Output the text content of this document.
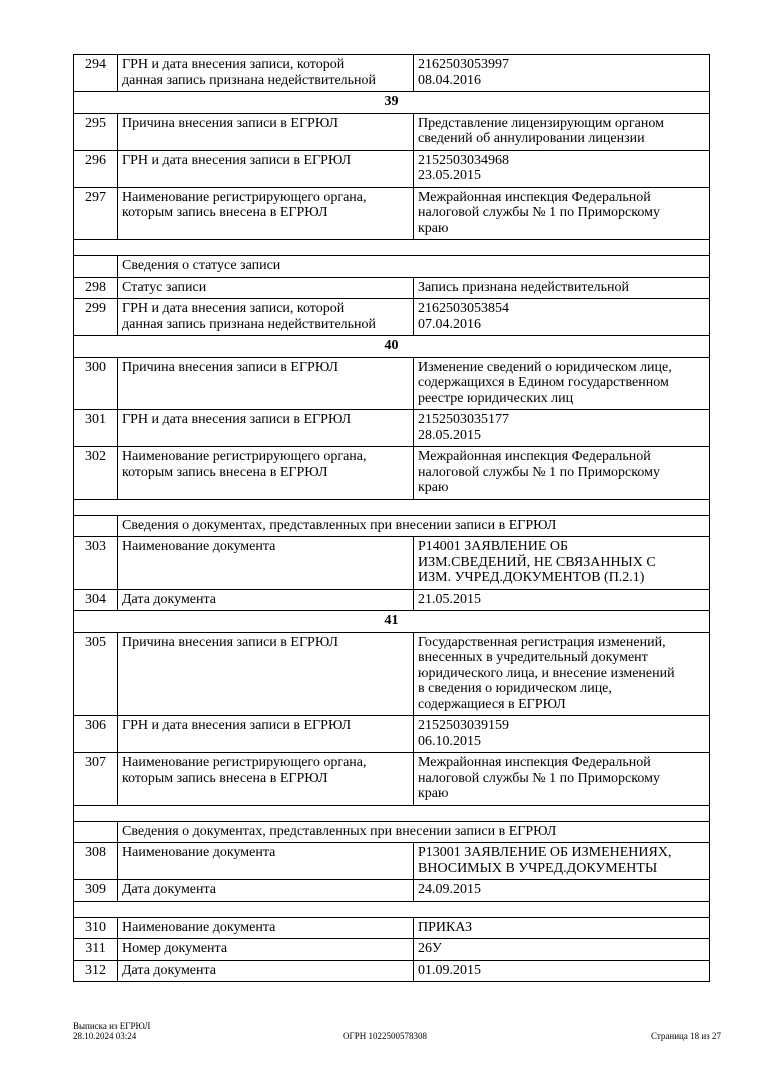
294	ГРН и дата внесения записи, которой
данная запись признана недействительной	2162503053997
08.04.2016
39		
295	Причина внесения записи в ЕГРЮЛ	Представление лицензирующим органом
сведений об аннулировании лицензии
296	ГРН и дата внесения записи в ЕГРЮЛ	2152503034968
23.05.2015
297	Наименование регистрирующего органа,
которым запись внесена в ЕГРЮЛ	Межрайонная инспекция Федеральной
налоговой службы № 1 по Приморскому
краю

	Сведения о статусе записи	
298	Статус записи	Запись признана недействительной
299	ГРН и дата внесения записи, которой
данная запись признана недействительной	2162503053854
07.04.2016
40		
300	Причина внесения записи в ЕГРЮЛ	Изменение сведений о юридическом лице,
содержащихся в Едином государственном
реестре юридических лиц
301	ГРН и дата внесения записи в ЕГРЮЛ	2152503035177
28.05.2015
302	Наименование регистрирующего органа,
которым запись внесена в ЕГРЮЛ	Межрайонная инспекция Федеральной
налоговой службы № 1 по Приморскому
краю

	Сведения о документах, представленных при внесении записи в ЕГРЮЛ	
303	Наименование документа	Р14001 ЗАЯВЛЕНИЕ ОБ
ИЗМ.СВЕДЕНИЙ, НЕ СВЯЗАННЫХ С
ИЗМ. УЧРЕД.ДОКУМЕНТОВ (П.2.1)
304	Дата документа	21.05.2015
41		
305	Причина внесения записи в ЕГРЮЛ	Государственная регистрация изменений,
внесенных в учредительный документ
юридического лица, и внесение изменений
в сведения о юридическом лице,
содержащиеся в ЕГРЮЛ
306	ГРН и дата внесения записи в ЕГРЮЛ	2152503039159
06.10.2015
307	Наименование регистрирующего органа,
которым запись внесена в ЕГРЮЛ	Межрайонная инспекция Федеральной
налоговой службы № 1 по Приморскому
краю

	Сведения о документах, представленных при внесении записи в ЕГРЮЛ	
308	Наименование документа	Р13001 ЗАЯВЛЕНИЕ ОБ ИЗМЕНЕНИЯХ,
ВНОСИМЫХ В УЧРЕД.ДОКУМЕНТЫ
309	Дата документа	24.09.2015

310	Наименование документа	ПРИКАЗ
311	Номер документа	26У
312	Дата документа	01.09.2015
Выписка из ЕГРЮЛ
28.10.2024 03:24	ОГРН 1022500578308	Страница 18 из 27
